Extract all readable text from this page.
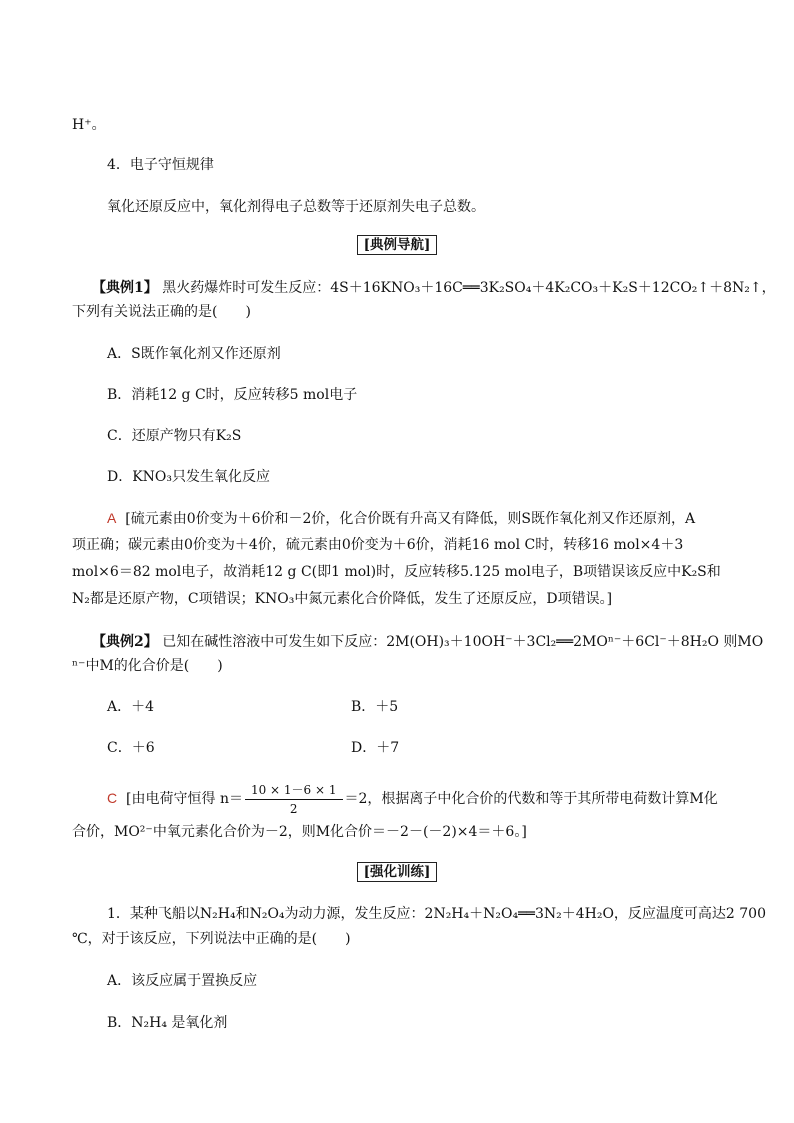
H⁺。
4．电子守恒规律
氧化还原反应中，氧化剂得电子总数等于还原剂失电子总数。
[典例导航]
【典例1】 黑火药爆炸时可发生反应：4S＋16KNO₃＋16C══3K₂SO₄＋4K₂CO₃＋K₂S＋12CO₂↑＋8N₂↑，
下列有关说法正确的是(　　)
A．S既作氧化剂又作还原剂
B．消耗12 g C时，反应转移5 mol电子
C．还原产物只有K₂S
D．KNO₃只发生氧化反应
A [硫元素由0价变为＋6价和－2价，化合价既有升高又有降低，则S既作氧化剂又作还原剂，A
项正确；碳元素由0价变为＋4价，硫元素由0价变为＋6价，消耗16 mol C时，转移16 mol×4＋3
mol×6＝82 mol电子，故消耗12 g C(即1 mol)时，反应转移5.125 mol电子，B项错误该反应中K₂S和
N₂都是还原产物，C项错误；KNO₃中氮元素化合价降低，发生了还原反应，D项错误。]
【典例2】 已知在碱性溶液中可发生如下反应：2M(OH)₃＋10OH⁻＋3Cl₂══2MOⁿ⁻＋6Cl⁻＋8H₂O 则MO
ⁿ⁻中M的化合价是(　　)
A．＋4	B．＋5
C．＋6	D．＋7
C [由电荷守恒得 $n= \frac{10 \times 1-6 \times 1}{2} =2$，根据离子中化合价的代数和等于其所带电荷数计算M化
合价，MO²⁻中氧元素化合价为－2，则M化合价＝－2－(－2)×4＝＋6。]
[强化训练]
1．某种飞船以N₂H₄和N₂O₄为动力源，发生反应：2N₂H₄＋N₂O₄══3N₂＋4H₂O，反应温度可高达2 700
℃，对于该反应，下列说法中正确的是(　　)
A．该反应属于置换反应
B．N₂H₄ 是氧化剂
